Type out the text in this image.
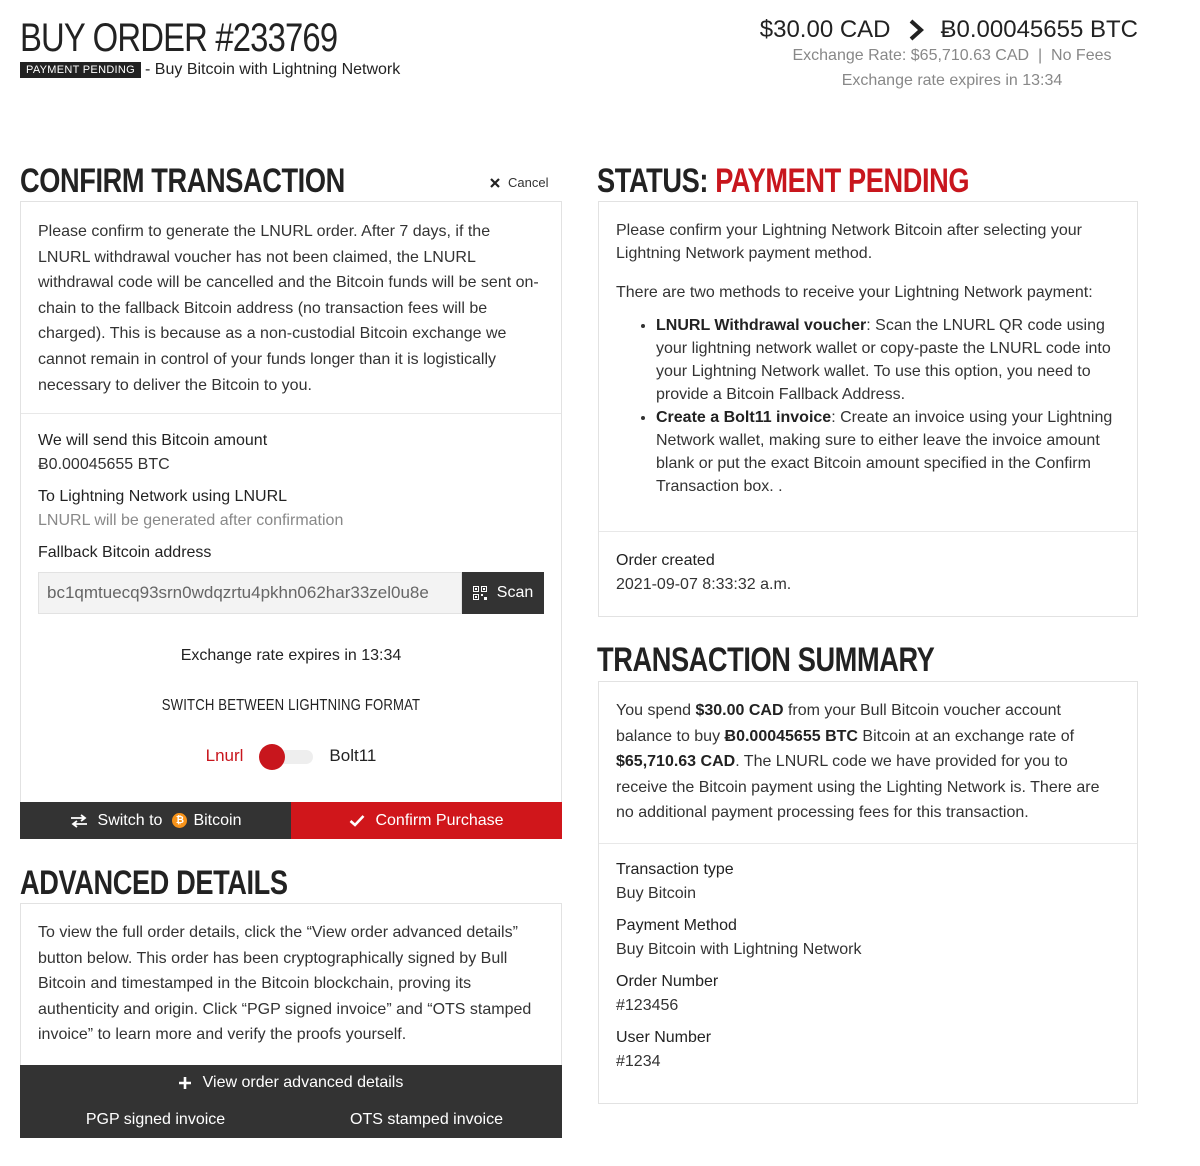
BUY ORDER #233769
PAYMENT PENDING - Buy Bitcoin with Lightning Network
$30.00 CAD Ƀ0.00045655 BTC
Exchange Rate: $65,710.63 CAD | No Fees
Exchange rate expires in 13:34
CONFIRM TRANSACTION	Cancel

Please confirm to generate the LNURL order. After 7 days, if the LNURL withdrawal voucher has not been claimed, the LNURL withdrawal code will be cancelled and the Bitcoin funds will be sent on-chain to the fallback Bitcoin address (no transaction fees will be charged). This is because as a non-custodial Bitcoin exchange we cannot remain in control of your funds longer than it is logistically necessary to deliver the Bitcoin to you.

We will send this Bitcoin amount
Ƀ0.00045655 BTC
To Lightning Network using LNURL
LNURL will be generated after confirmation
Fallback Bitcoin address
bc1qmtuecq93srn0wdqzrtu4pkhn062har33zel0u8e	Scan
Exchange rate expires in 13:34
SWITCH BETWEEN LIGHTNING FORMAT
Lnurl	Bolt11
Switch to	₿ Bitcoin	Confirm Purchase
ADVANCED DETAILS

To view the full order details, click the “View order advanced details” button below. This order has been cryptographically signed by Bull Bitcoin and timestamped in the Bitcoin blockchain, proving its authenticity and origin. Click “PGP signed invoice” and “OTS stamped invoice” to learn more and verify the proofs yourself.

View order advanced details
PGP signed invoice	OTS stamped invoice
STATUS: PAYMENT PENDING

Please confirm your Lightning Network Bitcoin after selecting your Lightning Network payment method.

There are two methods to receive your Lightning Network payment:

• LNURL Withdrawal voucher: Scan the LNURL QR code using your lightning network wallet or copy-paste the LNURL code into your Lightning Network wallet. To use this option, you need to provide a Bitcoin Fallback Address.
• Create a Bolt11 invoice: Create an invoice using your Lightning Network wallet, making sure to either leave the invoice amount blank or put the exact Bitcoin amount specified in the Confirm Transaction box. .
Order created
2021-09-07 8:33:32 a.m.
TRANSACTION SUMMARY

You spend $30.00 CAD from your Bull Bitcoin voucher account balance to buy Ƀ0.00045655 BTC Bitcoin at an exchange rate of $65,710.63 CAD. The LNURL code we have provided for you to receive the Bitcoin payment using the Lighting Network is. There are no additional payment processing fees for this transaction.

Transaction type
Buy Bitcoin
Payment Method
Buy Bitcoin with Lightning Network
Order Number
#123456
User Number
#1234
